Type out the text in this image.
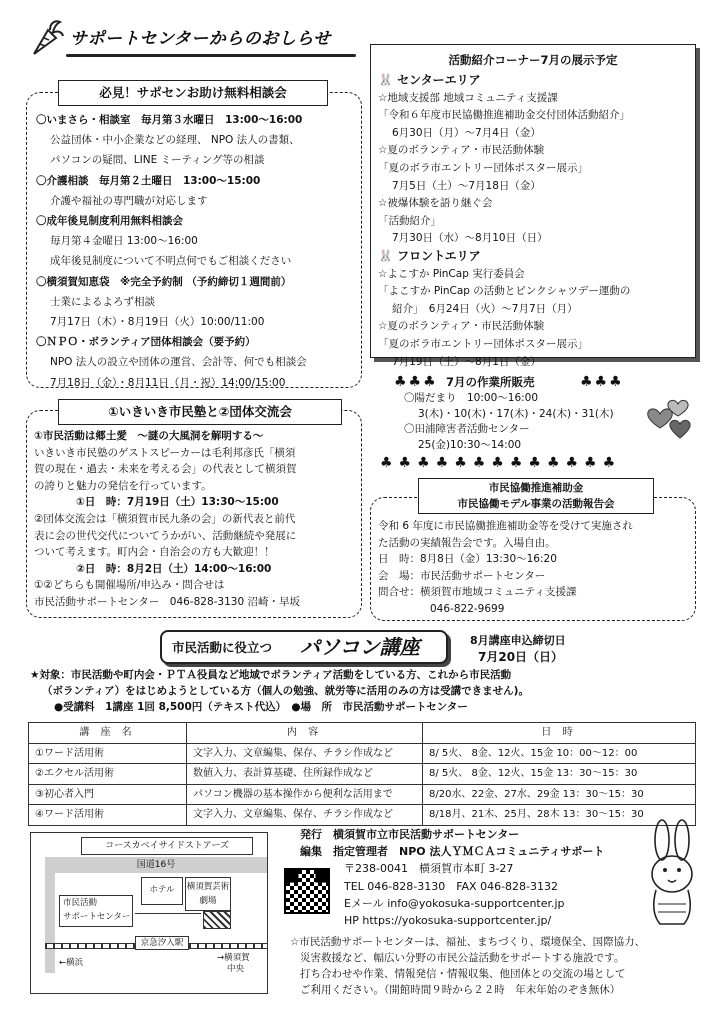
サポートセンターからのおしらせ
必見！サポセンお助け無料相談会
〇いまさら・相談室　毎月第３水曜日　13:00～16:00
公益団体・中小企業などの経理、 NPO 法人の書類、
パソコンの疑問、LINE ミーティング等の相談
〇介護相談　毎月第２土曜日　13:00～15:00
介護や福祉の専門職が対応します
〇成年後見制度利用無料相談会
毎月第４金曜日 13:00～16:00
成年後見制度について不明点何でもご相談ください
〇横須賀知恵袋　※完全予約制 （予約締切１週間前）
士業によるよろず相談
7月17日（木）・8月19日（火）10:00/11:00
〇ＮＰＯ・ボランティア団体相談会（要予約）
NPO 法人の設立や団体の運営、会計等、何でも相談会
7月18日（金）・8月11日（月・祝）14:00/15:00
活動紹介コーナー7月の展示予定
🐰 センターエリア
☆地域支援部 地域コミュニティ支援課
「令和６年度市民協働推進補助金交付団体活動紹介」
6月30日（月）～7月4日（金）
☆夏のボランティア・市民活動体験
「夏のボラ市エントリー団体ポスター展示」
7月5日（土）～7月18日（金）
☆被爆体験を語り継ぐ会
「活動紹介」
7月30日（水）～8月10日（日）
🐰 フロントエリア
☆よこすか PinCap 実行委員会
「よこすか PinCap の活動とピンクシャツデー運動の
紹介」　6月24日（火）～7月7日（月）
☆夏のボランティア・市民活動体験
「夏のボラ市エントリー団体ポスター展示」
7月19日（土）～8月1日（金）
♣♣♣	♣♣♣
7月の作業所販売
〇陽だまり　10:00～16:00
3(木)・10(木)・17(木)・24(木)・31(木)
〇田浦障害者活動センター
25(金)10:30～14:00
♣♣♣♣♣♣♣♣♣♣♣♣♣
①いきいき市民塾と②団体交流会
①市民活動は郷土愛　～謎の大風洞を解明する～
いきいき市民塾のゲストスピーカーは毛利邦彦氏「横須
賀の現在・過去・未来を考える会」の代表として横須賀
の誇りと魅力の発信を行っています。
①日　時：7月19日（土）13:30～15:00
②団体交流会は「横須賀市民九条の会」の新代表と前代
表に会の世代交代についてうかがい、活動継続や発展に
ついて考えます。町内会・自治会の方も大歓迎！！
②日　時：8月2日（土）14:00～16:00
①②どちらも開催場所/申込み・問合せは
市民活動サポートセンター　046-828-3130 沼崎・早坂
市民協働推進補助金
市民協働モデル事業の活動報告会
令和 6 年度に市民協働推進補助金等を受けて実施され
た活動の実績報告会です。入場自由。
日　時：8月8日（金）13:30～16:20
会　場：市民活動サポートセンター
問合せ：横須賀市地域コミュニティ支援課
046-822-9699
市民活動に役立つ パソコン講座	8月講座申込締切日
7月20日（日）
★対象：市民活動や町内会・ＰＴＡ役員など地域でボランティア活動をしている方、これから市民活動
（ボランティア）をはじめようとしている方（個人の勉強、就労等に活用のみの方は受講できません)。
●受講料　1講座 1回 8,500円（テキスト代込）　●場　所　市民活動サポートセンター
講 座 名	内 容	日 時
①ワード活用術	文字入力、文章編集、保存、チラシ作成など	8/ 5火、 8金、12火、15金 10：00～12：00
②エクセル活用術	数値入力、表計算基礎、住所録作成など	8/ 5火、 8金、12火、15金 13：30～15：30
③初心者入門	パソコン機器の基本操作から便利な活用まで	8/20水、22金、27水、29金 13：30～15：30
④ワード活用術	文字入力、文章編集、保存、チラシ作成など	8/18月、21木、25月、28木 13：30～15：30
コースカベイサイドストアーズ
国道16号
ホテル	横須賀芸術劇場
市民活動
サポートセンター
京急汐入駅
←横浜	→横須賀
中央
発行　横須賀市立市民活動サポートセンター
編集　指定管理者　NPO 法人ＹＭＣＡコミュニティサポート
〒238-0041　横須賀市本町 3-27
TEL 046-828-3130　FAX 046-828-3132
Eメール info@yokosuka-supportcenter.jp
HP https://yokosuka-supportcenter.jp/
☆市民活動サポートセンターは、福祉、まちづくり、環境保全、国際協力、
災害救援など、幅広い分野の市民公益活動をサポートする施設です。
打ち合わせや作業、情報発信・情報収集、他団体との交流の場として
ご利用ください。（開館時間９時から２２時　年末年始のぞき無休）
